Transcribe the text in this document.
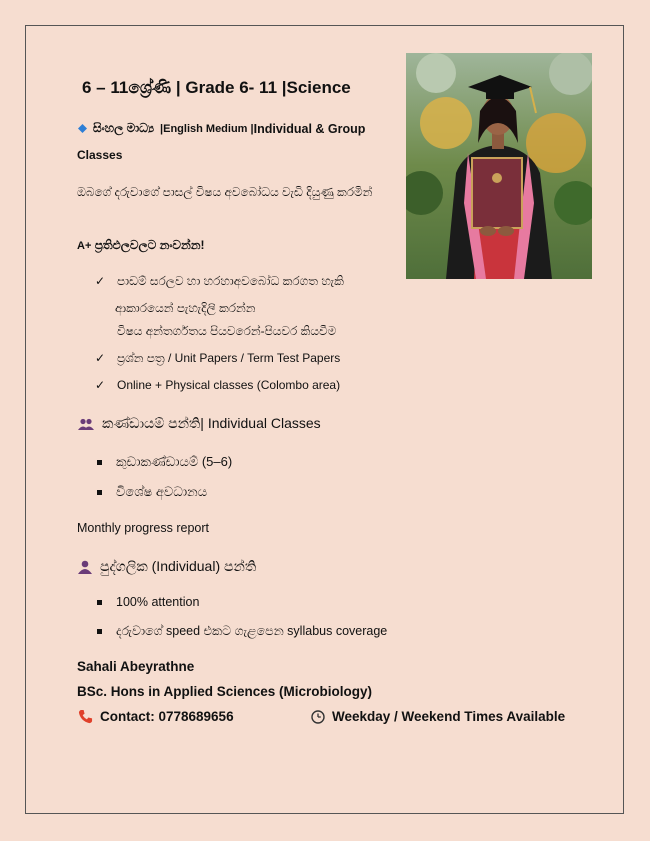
6 – 11ශ්‍රේණි | Grade 6- 11 |Science
සිංහල මාධ්‍ය |English Medium | Individual & Group
Classes
ඔබගේ දරුවාගේ පාසල් විෂය අවබෝධය වැඩි දියුණු කරමින්
A+ ප්‍රතිඵලවලට නංවන්න!
✓ පාඩම් සරලව හා හරහාඅවබෝධ කරගත හැකි
ආකාරයෙන් පැහැදිලි කරන්න
විෂය අන්තර්ගතය පියවරෙන්-පියවර කියවීම
✓ ප්‍රශ්න පත්‍ර / Unit Papers / Term Test Papers
✓ Online + Physical classes (Colombo area)
කණ්ඩායම් පන්ති| Individual Classes
කුඩාකණ්ඩායම් (5–6)
විශේෂ අවධානය
Monthly progress report
පුද්ගලික (Individual) පන්ති
100% attention
දරුවාගේ speed එකට ගැළපෙන syllabus coverage
Sahali Abeyrathne
BSc. Hons in Applied Sciences (Microbiology)
Contact: 0778689656	Weekday / Weekend Times Available
